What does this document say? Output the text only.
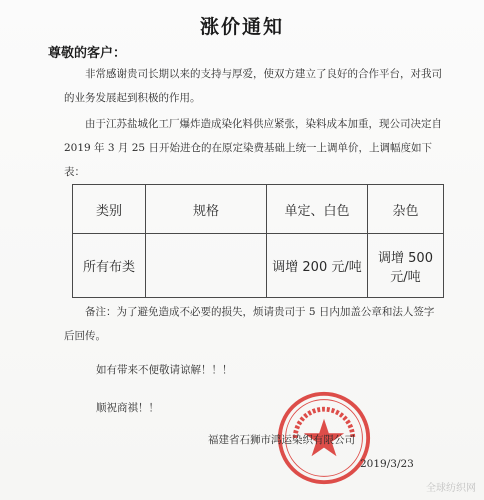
涨价通知
尊敬的客户：

非常感谢贵司长期以来的支持与厚爱，使双方建立了良好的合作平台，对我司的业务发展起到积极的作用。

由于江苏盐城化工厂爆炸造成染化料供应紧张，染料成本加重，现公司决定自 2019 年 3 月 25 日开始进仓的在原定染费基础上统一上调单价，上调幅度如下表：

类别	规格	单定、白色	杂色
所有布类		调增 200 元/吨	调增 500 元/吨

备注：为了避免造成不必要的损失，烦请贵司于 5 日内加盖公章和法人签字后回传。

如有带来不便敬请谅解！！！
顺祝商祺！！
福建省石狮市鸿运染织有限公司
2019/3/23
全球纺织网
